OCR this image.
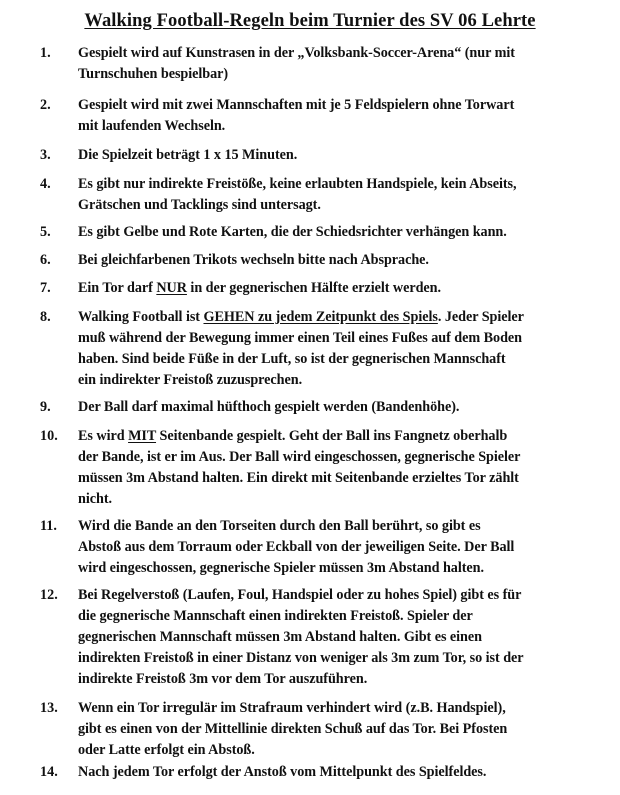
Walking Football-Regeln beim Turnier des SV 06 Lehrte
1. Gespielt wird auf Kunstrasen in der „Volksbank-Soccer-Arena“ (nur mit
Turnschuhen bespielbar)
2. Gespielt wird mit zwei Mannschaften mit je 5 Feldspielern ohne Torwart
mit laufenden Wechseln.
3. Die Spielzeit beträgt 1 x 15 Minuten.
4. Es gibt nur indirekte Freistöße, keine erlaubten Handspiele, kein Abseits,
Grätschen und Tacklings sind untersagt.
5. Es gibt Gelbe und Rote Karten, die der Schiedsrichter verhängen kann.
6. Bei gleichfarbenen Trikots wechseln bitte nach Absprache.
7. Ein Tor darf NUR in der gegnerischen Hälfte erzielt werden.
8. Walking Football ist GEHEN zu jedem Zeitpunkt des Spiels. Jeder Spieler
muß während der Bewegung immer einen Teil eines Fußes auf dem Boden
haben. Sind beide Füße in der Luft, so ist der gegnerischen Mannschaft
ein indirekter Freistoß zuzusprechen.
9. Der Ball darf maximal hüfthoch gespielt werden (Bandenhöhe).
10. Es wird MIT Seitenbande gespielt. Geht der Ball ins Fangnetz oberhalb
der Bande, ist er im Aus. Der Ball wird eingeschossen, gegnerische Spieler
müssen 3m Abstand halten. Ein direkt mit Seitenbande erzieltes Tor zählt
nicht.
11. Wird die Bande an den Torseiten durch den Ball berührt, so gibt es
Abstoß aus dem Torraum oder Eckball von der jeweiligen Seite. Der Ball
wird eingeschossen, gegnerische Spieler müssen 3m Abstand halten.
12. Bei Regelverstoß (Laufen, Foul, Handspiel oder zu hohes Spiel) gibt es für
die gegnerische Mannschaft einen indirekten Freistoß. Spieler der
gegnerischen Mannschaft müssen 3m Abstand halten. Gibt es einen
indirekten Freistoß in einer Distanz von weniger als 3m zum Tor, so ist der
indirekte Freistoß 3m vor dem Tor auszuführen.
13. Wenn ein Tor irregulär im Strafraum verhindert wird (z.B. Handspiel),
gibt es einen von der Mittellinie direkten Schuß auf das Tor. Bei Pfosten
oder Latte erfolgt ein Abstoß.
14. Nach jedem Tor erfolgt der Anstoß vom Mittelpunkt des Spielfeldes.
